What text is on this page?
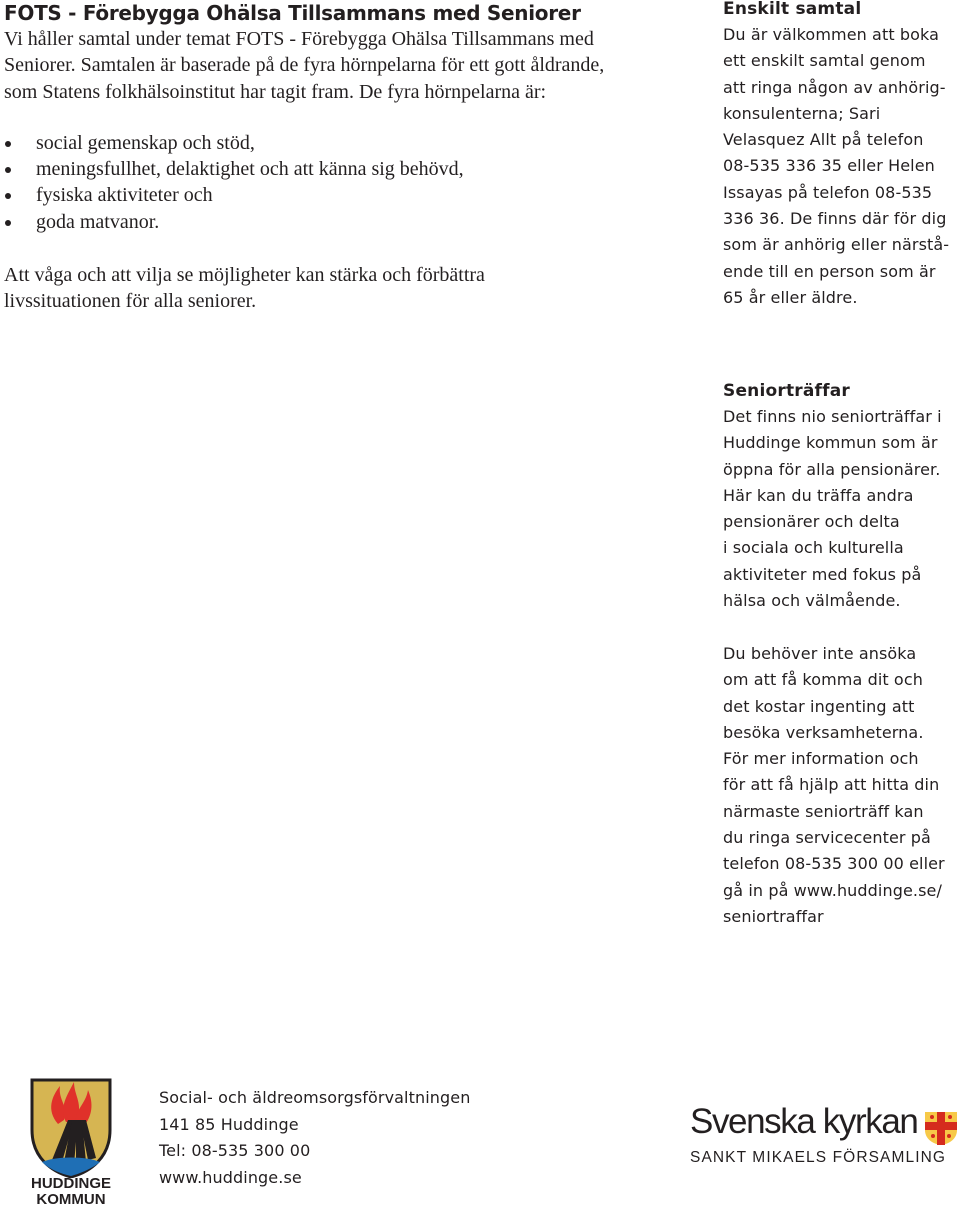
FOTS - Förebygga Ohälsa Tillsammans med Seniorer

Vi håller samtal under temat FOTS - Förebygga Ohälsa Tillsammans med Seniorer. Samtalen är baserade på de fyra hörnpelarna för ett gott åldrande, som Statens folkhälsoinstitut har tagit fram. De fyra hörnpelarna är:

social gemenskap och stöd,
meningsfullhet, delaktighet och att känna sig behövd,
fysiska aktiviteter och
goda matvanor.

Att våga och att vilja se möjligheter kan stärka och förbättra livssituationen för alla seniorer.

Enskilt samtal

Du är välkommen att boka
ett enskilt samtal genom
att ringa någon av anhörig-
konsulenterna; Sari
Velasquez Allt på telefon
08-535 336 35 eller Helen
Issayas på telefon 08-535
336 36. De finns där för dig
som är anhörig eller närstå-
ende till en person som är
65 år eller äldre.

Seniorträffar

Det finns nio seniorträffar i
Huddinge kommun som är
öppna för alla pensionärer.
Här kan du träffa andra
pensionärer och delta
i sociala och kulturella
aktiviteter med fokus på
hälsa och välmående.

Du behöver inte ansöka
om att få komma dit och
det kostar ingenting att
besöka verksamheterna.
För mer information och
för att få hjälp att hitta din
närmaste seniorträff kan
du ringa servicecenter på
telefon 08-535 300 00 eller
gå in på www.huddinge.se/
seniortraffar

HUDDINGE
KOMMUN

Social- och äldreomsorgsförvaltningen

141 85 Huddinge

Tel: 08-535 300 00

www.huddinge.se

Svenska kyrkan
SANKT MIKAELS FÖRSAMLING
